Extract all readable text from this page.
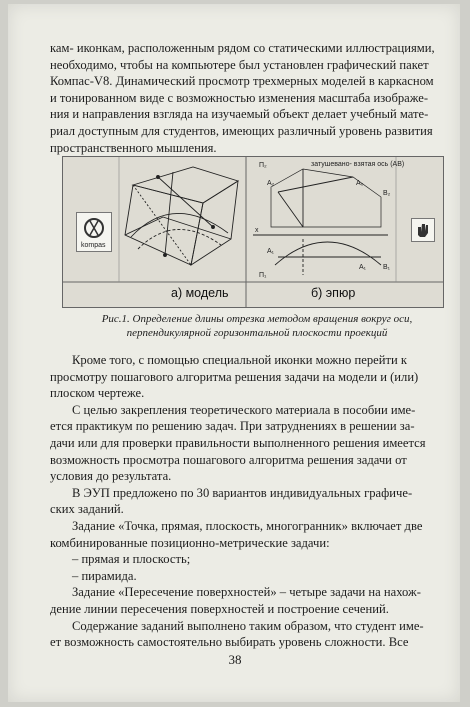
кам- иконкам, расположенным рядом со статическими иллюстрациями,

необходимо, чтобы на компьютере был установлен графический пакет

Компас-V8. Динамический просмотр трехмерных моделей в каркасном

и тонированном виде с возможностью изменения масштаба изображе-

ния и направления взгляда на изучаемый объект делает учебный мате-

риал доступным для студентов, имеющих различный уровень развития

пространственного мышления.

П₂
П₁
x
A₂
B₂
A₀
A₁
B₁
A₁
затушевано- взятая ось (AB)
kompas
а) модель	б) эпюр
Рис.1. Определение длины отрезка методом вращения вокруг оси,
перпендикулярной горизонтальной плоскости проекций

Кроме того, с помощью специальной иконки можно перейти к

просмотру пошагового алгоритма решения задачи на модели и (или)

плоском чертеже.

С целью закрепления теоретического материала в пособии име-

ется практикум по решению задач. При затруднениях в решении за-

дачи или для проверки правильности выполненного решения имеется

возможность просмотра пошагового алгоритма решения задачи от

условия до результата.

В ЭУП предложено по 30 вариантов индивидуальных графиче-

ских заданий.

Задание «Точка, прямая, плоскость, многогранник» включает две

комбинированные позиционно-метрические задачи:

– прямая и плоскость;

– пирамида.

Задание «Пересечение поверхностей» – четыре задачи на нахож-

дение линии пересечения поверхностей и построение сечений.

Содержание заданий выполнено таким образом, что студент име-

ет возможность самостоятельно выбирать уровень сложности. Все

38
